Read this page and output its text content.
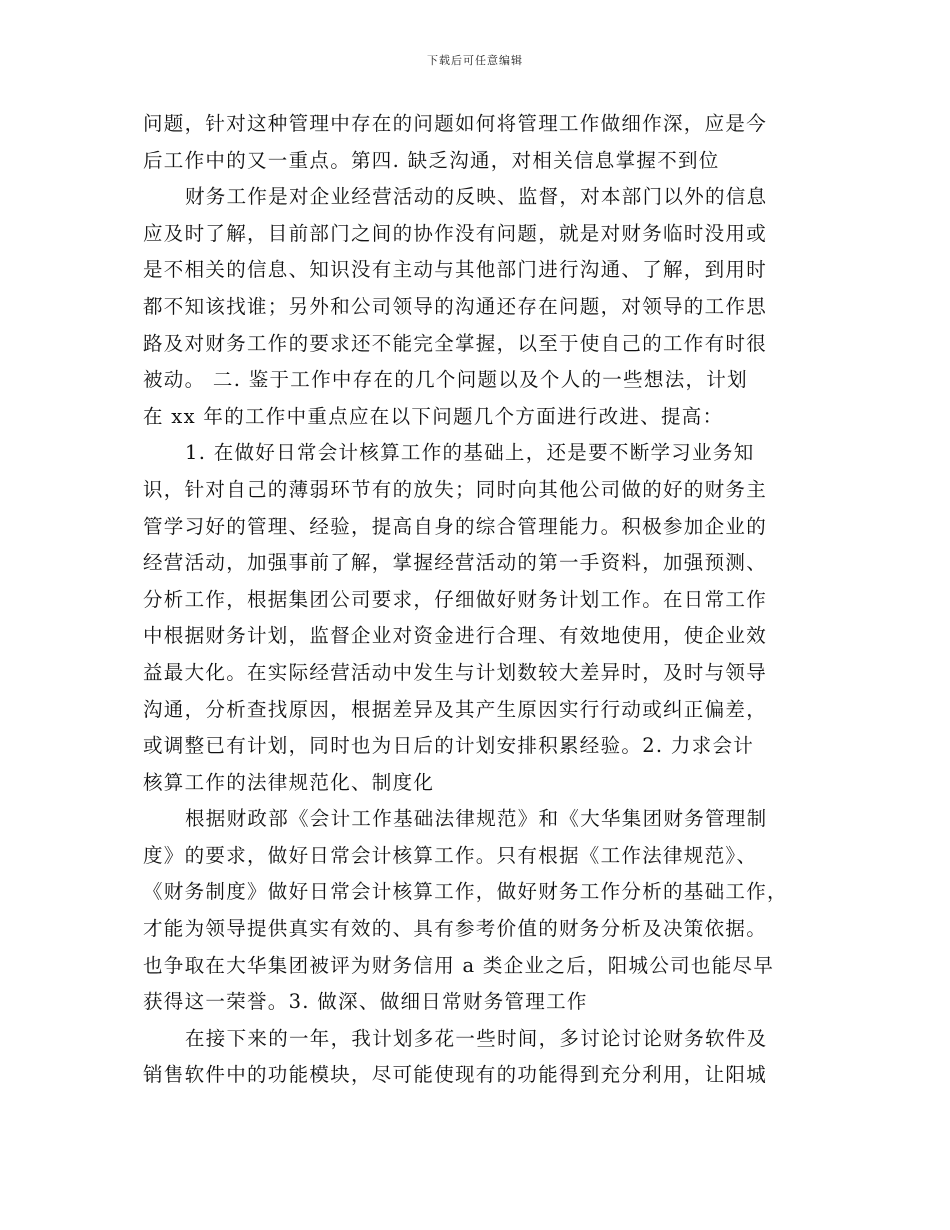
下载后可任意编辑
问题，针对这种管理中存在的问题如何将管理工作做细作深，应是今
后工作中的又一重点。第四. 缺乏沟通，对相关信息掌握不到位
财务工作是对企业经营活动的反映、监督，对本部门以外的信息
应及时了解，目前部门之间的协作没有问题，就是对财务临时没用或
是不相关的信息、知识没有主动与其他部门进行沟通、了解，到用时
都不知该找谁；另外和公司领导的沟通还存在问题，对领导的工作思
路及对财务工作的要求还不能完全掌握，以至于使自己的工作有时很
被动。 二. 鉴于工作中存在的几个问题以及个人的一些想法，计划
在 xx 年的工作中重点应在以下问题几个方面进行改进、提高：
1. 在做好日常会计核算工作的基础上，还是要不断学习业务知
识，针对自己的薄弱环节有的放失；同时向其他公司做的好的财务主
管学习好的管理、经验，提高自身的综合管理能力。积极参加企业的
经营活动，加强事前了解，掌握经营活动的第一手资料，加强预测、
分析工作，根据集团公司要求，仔细做好财务计划工作。在日常工作
中根据财务计划，监督企业对资金进行合理、有效地使用，使企业效
益最大化。在实际经营活动中发生与计划数较大差异时，及时与领导
沟通，分析查找原因，根据差异及其产生原因实行行动或纠正偏差，
或调整已有计划，同时也为日后的计划安排积累经验。2. 力求会计
核算工作的法律规范化、制度化
根据财政部《会计工作基础法律规范》和《大华集团财务管理制
度》的要求，做好日常会计核算工作。只有根据《工作法律规范》、
《财务制度》做好日常会计核算工作，做好财务工作分析的基础工作，
才能为领导提供真实有效的、具有参考价值的财务分析及决策依据。
也争取在大华集团被评为财务信用 a 类企业之后，阳城公司也能尽早
获得这一荣誉。3. 做深、做细日常财务管理工作
在接下来的一年，我计划多花一些时间，多讨论讨论财务软件及
销售软件中的功能模块，尽可能使现有的功能得到充分利用，让阳城
